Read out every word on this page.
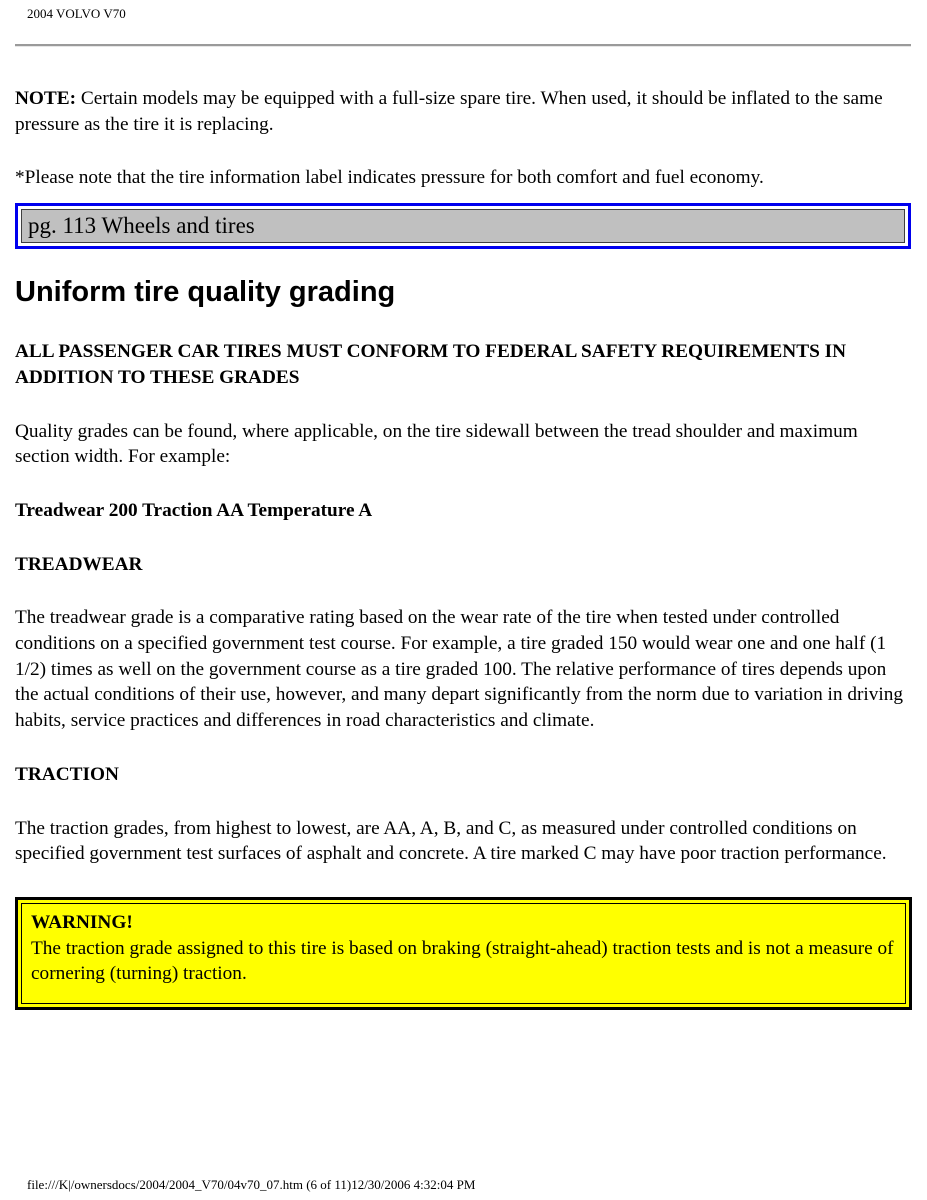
2004 VOLVO V70

NOTE: Certain models may be equipped with a full-size spare tire. When used, it should be inflated to the same pressure as the tire it is replacing.

*Please note that the tire information label indicates pressure for both comfort and fuel economy.

pg. 113 Wheels and tires
Uniform tire quality grading

ALL PASSENGER CAR TIRES MUST CONFORM TO FEDERAL SAFETY REQUIREMENTS IN ADDITION TO THESE GRADES

Quality grades can be found, where applicable, on the tire sidewall between the tread shoulder and maximum section width. For example:

Treadwear 200 Traction AA Temperature A

TREADWEAR

The treadwear grade is a comparative rating based on the wear rate of the tire when tested under controlled conditions on a specified government test course. For example, a tire graded 150 would wear one and one half (1 1/2) times as well on the government course as a tire graded 100. The relative performance of tires depends upon the actual conditions of their use, however, and many depart significantly from the norm due to variation in driving habits, service practices and differences in road characteristics and climate.

TRACTION

The traction grades, from highest to lowest, are AA, A, B, and C, as measured under controlled conditions on specified government test surfaces of asphalt and concrete. A tire marked C may have poor traction performance.

WARNING!
The traction grade assigned to this tire is based on braking (straight-ahead) traction tests and is not a measure of cornering (turning) traction.
file:///K|/ownersdocs/2004/2004_V70/04v70_07.htm (6 of 11)12/30/2006 4:32:04 PM
